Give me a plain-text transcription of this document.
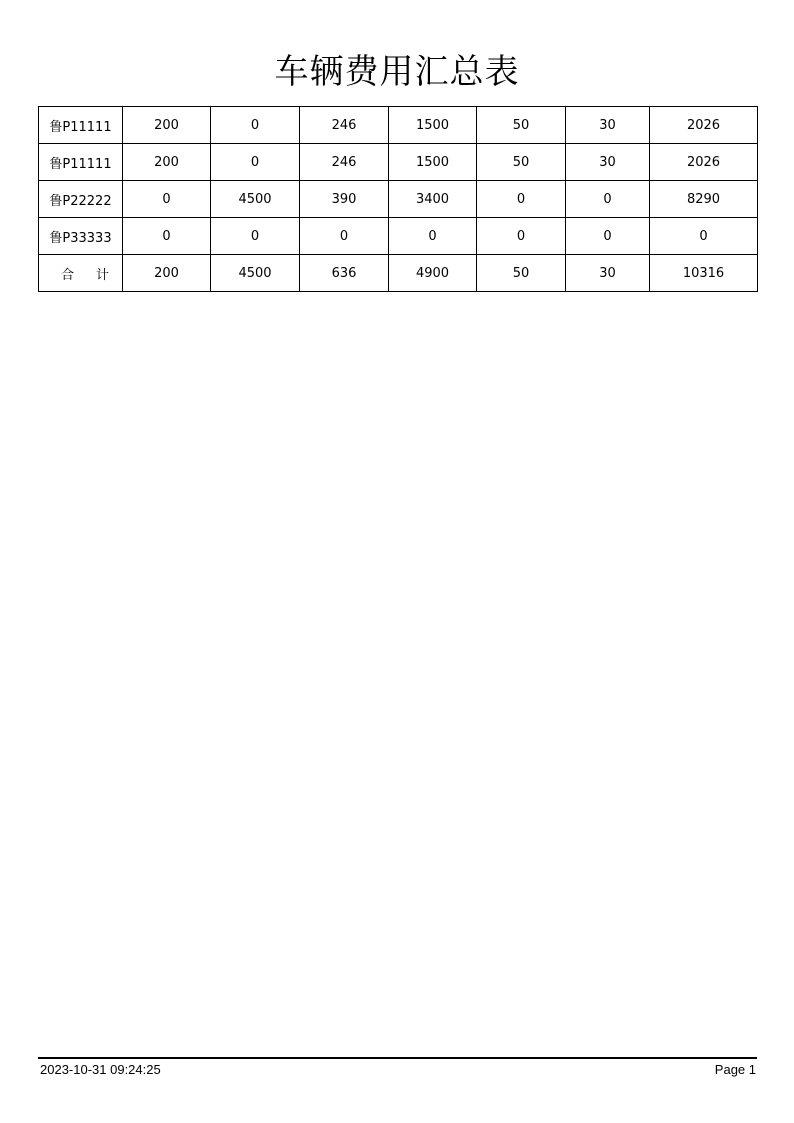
车辆费用汇总表
鲁P11111	200	0	246	1500	50	30	2026
鲁P11111	200	0	246	1500	50	30	2026
鲁P22222	0	4500	390	3400	0	0	8290
鲁P33333	0	0	0	0	0	0	0
合计	200	4500	636	4900	50	30	10316
2023-10-31 09:24:25	Page 1
